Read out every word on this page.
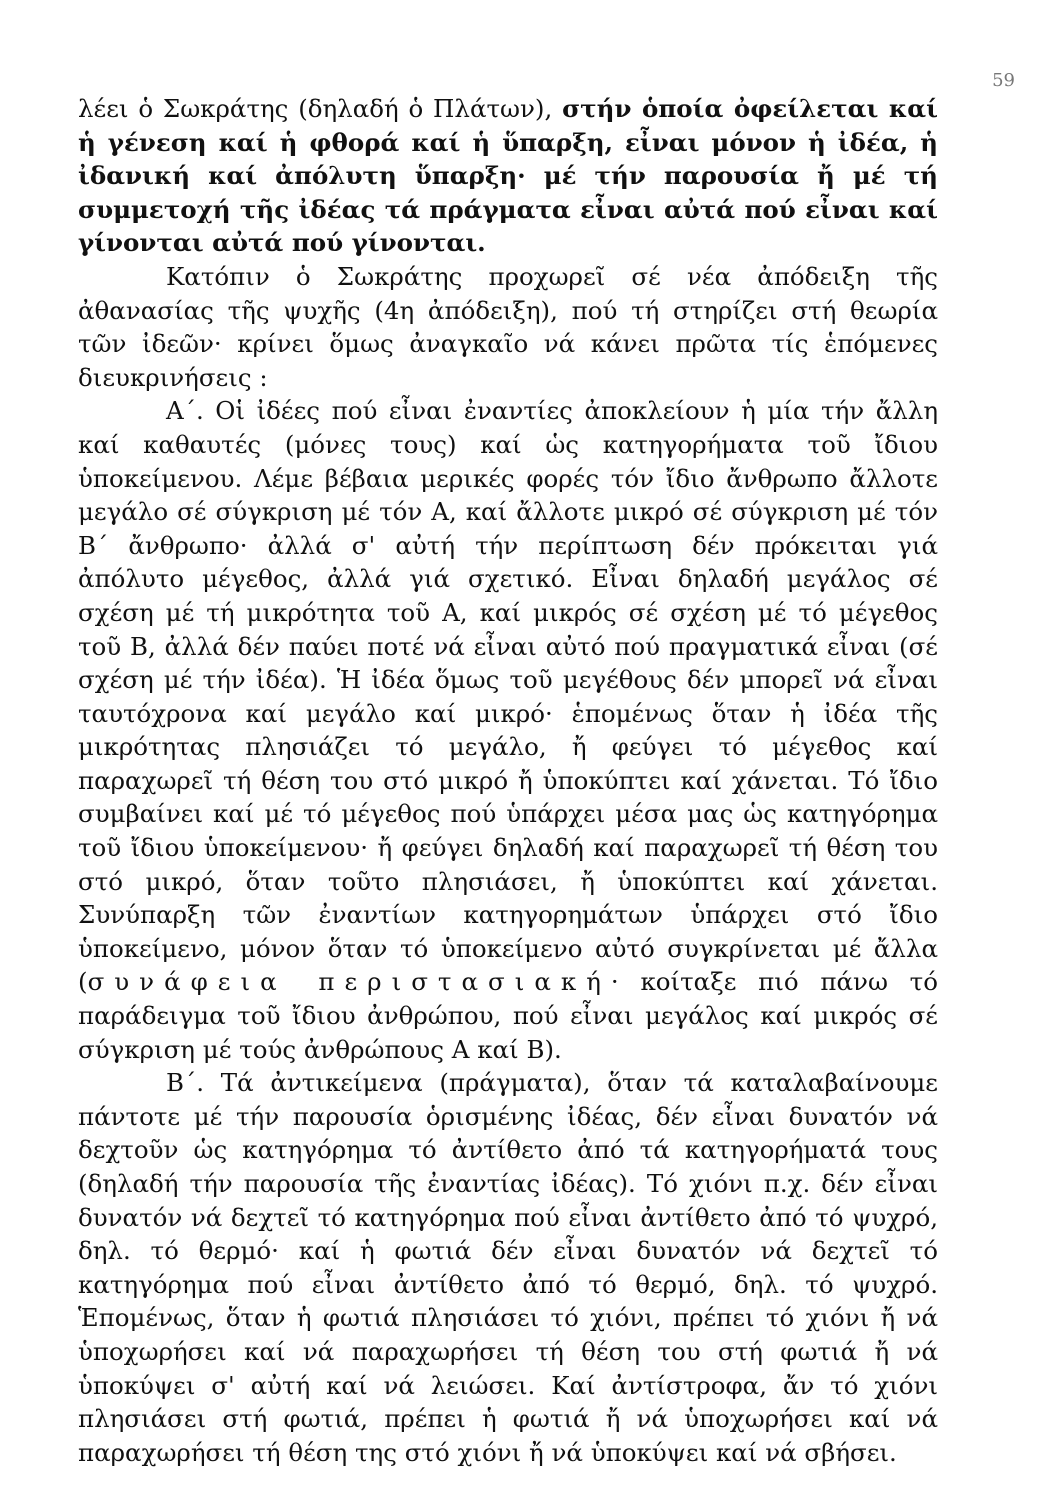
59

λέει ὁ Σωκράτης (δηλαδή ὁ Πλάτων), στήν ὁποία ὀφείλεται καί ἡ γένεση καί ἡ φθορά καί ἡ ὕπαρξη, εἶναι μόνον ἡ ἰδέα, ἡ ἰδανική καί ἀπόλυτη ὕπαρξη· μέ τήν παρουσία ἤ μέ τή συμμετοχή τῆς ἰδέας τά πράγματα εἶναι αὐτά πού εἶναι καί γίνονται αὐτά πού γίνονται.

Κατόπιν ὁ Σωκράτης προχωρεῖ σέ νέα ἀπόδειξη τῆς ἀθανασίας τῆς ψυχῆς (4η ἀπόδειξη), πού τή στηρίζει στή θεωρία τῶν ἰδεῶν· κρίνει ὅμως ἀναγκαῖο νά κάνει πρῶτα τίς ἑπόμενες διευκρινήσεις :

Α΄. Οἱ ἰδέες πού εἶναι ἐναντίες ἀποκλείουν ἡ μία τήν ἄλλη καί καθαυτές (μόνες τους) καί ὡς κατηγορήματα τοῦ ἴδιου ὑποκείμενου. Λέμε βέβαια μερικές φορές τόν ἴδιο ἄνθρωπο ἄλλοτε μεγάλο σέ σύγκριση μέ τόν Α, καί ἄλλοτε μικρό σέ σύγκριση μέ τόν Β΄ ἄνθρωπο· ἀλλά σ' αὐτή τήν περίπτωση δέν πρόκειται γιά ἀπόλυτο μέγεθος, ἀλλά γιά σχετικό. Εἶναι δηλαδή μεγάλος σέ σχέση μέ τή μικρότητα τοῦ Α, καί μικρός σέ σχέση μέ τό μέγεθος τοῦ Β, ἀλλά δέν παύει ποτέ νά εἶναι αὐτό πού πραγματικά εἶναι (σέ σχέση μέ τήν ἰδέα). Ἡ ἰδέα ὅμως τοῦ μεγέθους δέν μπορεῖ νά εἶναι ταυτόχρονα καί μεγάλο καί μικρό· ἑπομένως ὅταν ἡ ἰδέα τῆς μικρότητας πλησιάζει τό μεγάλο, ἤ φεύγει τό μέγεθος καί παραχωρεῖ τή θέση του στό μικρό ἤ ὑποκύπτει καί χάνεται. Τό ἴδιο συμβαίνει καί μέ τό μέγεθος πού ὑπάρχει μέσα μας ὡς κατηγόρημα τοῦ ἴδιου ὑποκείμενου· ἤ φεύγει δηλαδή καί παραχωρεῖ τή θέση του στό μικρό, ὅταν τοῦτο πλησιάσει, ἤ ὑποκύπτει καί χάνεται. Συνύπαρξη τῶν ἐναντίων κατηγορημάτων ὑπάρχει στό ἴδιο ὑποκείμενο, μόνον ὅταν τό ὑποκείμενο αὐτό συγκρίνεται μέ ἄλλα (συνάφεια περιστασιακή· κοίταξε πιό πάνω τό παράδειγμα τοῦ ἴδιου ἀνθρώπου, πού εἶναι μεγάλος καί μικρός σέ σύγκριση μέ τούς ἀνθρώπους Α καί Β).

Β΄. Τά ἀντικείμενα (πράγματα), ὅταν τά καταλαβαίνουμε πάντοτε μέ τήν παρουσία ὁρισμένης ἰδέας, δέν εἶναι δυνατόν νά δεχτοῦν ὡς κατηγόρημα τό ἀντίθετο ἀπό τά κατηγορήματά τους (δηλαδή τήν παρουσία τῆς ἐναντίας ἰδέας). Τό χιόνι π.χ. δέν εἶναι δυνατόν νά δεχτεῖ τό κατηγόρημα πού εἶναι ἀντίθετο ἀπό τό ψυχρό, δηλ. τό θερμό· καί ἡ φωτιά δέν εἶναι δυνατόν νά δεχτεῖ τό κατηγόρημα πού εἶναι ἀντίθετο ἀπό τό θερμό, δηλ. τό ψυχρό. Ἑπομένως, ὅταν ἡ φωτιά πλησιάσει τό χιόνι, πρέπει τό χιόνι ἤ νά ὑποχωρήσει καί νά παραχωρήσει τή θέση του στή φωτιά ἤ νά ὑποκύψει σ' αὐτή καί νά λειώσει. Καί ἀντίστροφα, ἄν τό χιόνι πλησιάσει στή φωτιά, πρέπει ἡ φωτιά ἤ νά ὑποχωρήσει καί νά παραχωρήσει τή θέση της στό χιόνι ἤ νά ὑποκύψει καί νά σβήσει.
